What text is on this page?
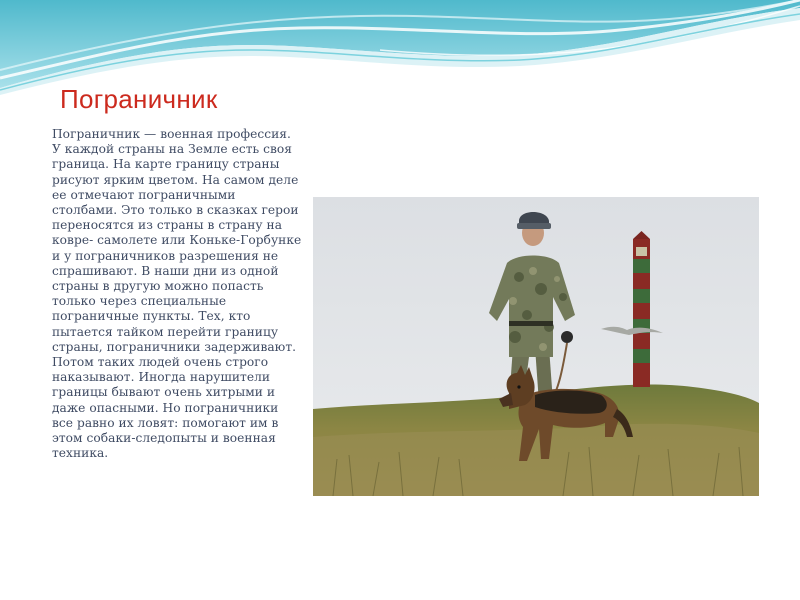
Пограничник
Пограничник — военная профессия. У каждой страны на Земле есть своя граница. На карте границу страны рисуют ярким цветом. На самом деле ее отмечают пограничными столбами. Это только в сказках герои переносятся из страны в страну на ковре- самолете или Коньке-Горбунке и у пограничников разрешения не спрашивают. В наши дни из одной страны в другую можно попасть только через специальные пограничные пункты. Тех, кто пытается тайком перейти границу страны, пограничники задерживают. Потом таких людей очень строго наказывают. Иногда нарушители границы бывают очень хитрыми и даже опасными. Но пограничники все равно их ловят: помогают им в этом собаки-следопыты и военная техника.
